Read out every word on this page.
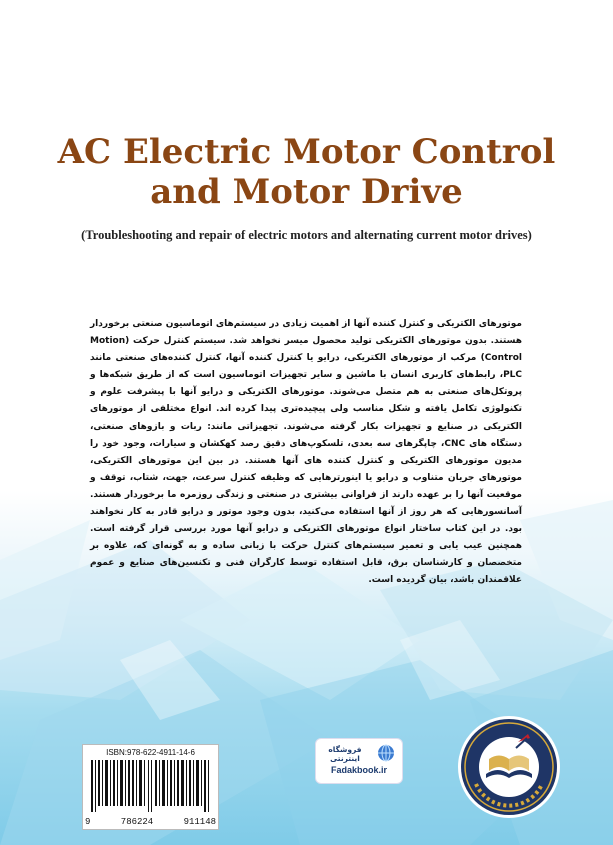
AC Electric Motor Control
and Motor Drive

(Troubleshooting and repair of electric motors and alternating current motor drives)

موتورهای الکتریکی و کنترل کننده آنها از اهمیت زیادی در سیستم‌های اتوماسیون صنعتی برخوردار هستند. بدون موتورهای الکتریکی تولید محصول میسر نخواهد شد. سیستم کنترل حرکت (Motion Control) مرکب از موتورهای الکتریکی، درایو یا کنترل کننده آنها، کنترل کننده‌های صنعتی مانند PLC، رابط‌های کاربری انسان با ماشین و سایر تجهیزات اتوماسیون است که از طریق شبکه‌ها و پروتکل‌های صنعتی به هم متصل می‌شوند. موتورهای الکتریکی و درایو آنها با پیشرفت علوم و تکنولوژی تکامل یافته و شکل مناسب ولی پیچیده‌تری پیدا کرده اند. انواع مختلفی از موتورهای الکتریکی در صنایع و تجهیزات بکار گرفته می‌شوند. تجهیزاتی مانند: ربات و بازوهای صنعتی، دستگاه های CNC، چاپگرهای سه بعدی، تلسکوپ‌های دقیق رصد کهکشان و سیارات، وجود خود را مدیون موتورهای الکتریکی و کنترل کننده های آنها هستند. در بین این موتورهای الکتریکی، موتورهای جریان متناوب و درایو یا اینورترهایی که وظیفه کنترل سرعت، جهت، شتاب، توقف و موقعیت آنها را بر عهده دارند از فراوانی بیشتری در صنعتی و زندگی روزمره ما برخوردار هستند. آسانسورهایی که هر روز از آنها استفاده می‌کنید، بدون وجود موتور و درایو قادر به کار نخواهند بود. در این کتاب ساختار انواع موتورهای الکتریکی و درایو آنها مورد بررسی قرار گرفته است. همچنین عیب یابی و تعمیر سیستم‌های کنترل حرکت با زبانی ساده و به گونه‌ای که، علاوه بر متخصصان و کارشناسان برق، قابل استفاده توسط کارگران فنی و تکنسین‌های صنایع و عموم علاقمندان باشد، بیان گردیده است.

ISBN:978-622-4911-14-6
9	786224	911148
فروشگاه اینترنتی
Fadakbook.ir
